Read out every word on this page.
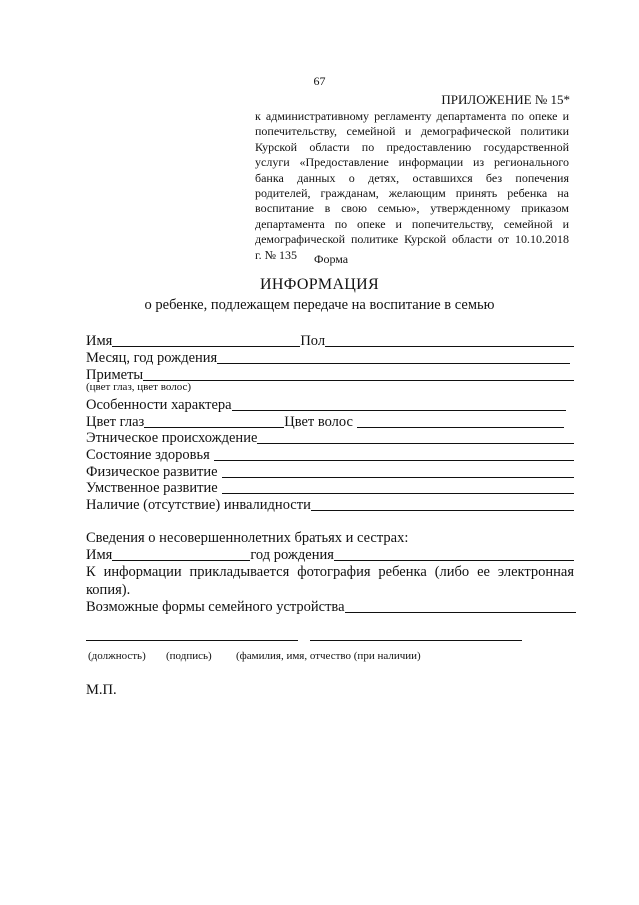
67
ПРИЛОЖЕНИЕ № 15*
к административному регламенту департамента по опеке и
попечительству, семейной и демографической политики
Курской области по предоставлению государственной
услуги «Предоставление информации из регионального
банка данных о детях, оставшихся без попечения
родителей, гражданам, желающим принять ребенка на
воспитание в свою семью», утвержденному приказом
департамента по опеке и попечительству, семейной и
демографической политике Курской области от 10.10.2018
г. № 135	Форма
ИНФОРМАЦИЯ
о ребенке, подлежащем передаче на воспитание в семью
Имя	Пол
Месяц, год рождения
Приметы
(цвет глаз, цвет волос)
Особенности характера
Цвет глаз	Цвет волос
Этническое происхождение
Состояние здоровья
Физическое развитие
Умственное развитие
Наличие (отсутствие) инвалидности
Сведения о несовершеннолетних братьях и сестрах:
Имя	год рождения
К информации прикладывается фотография ребенка (либо ее электронная копия).
Возможные формы семейного устройства
(должность) (подпись) (фамилия, имя, отчество (при наличии)
М.П.
